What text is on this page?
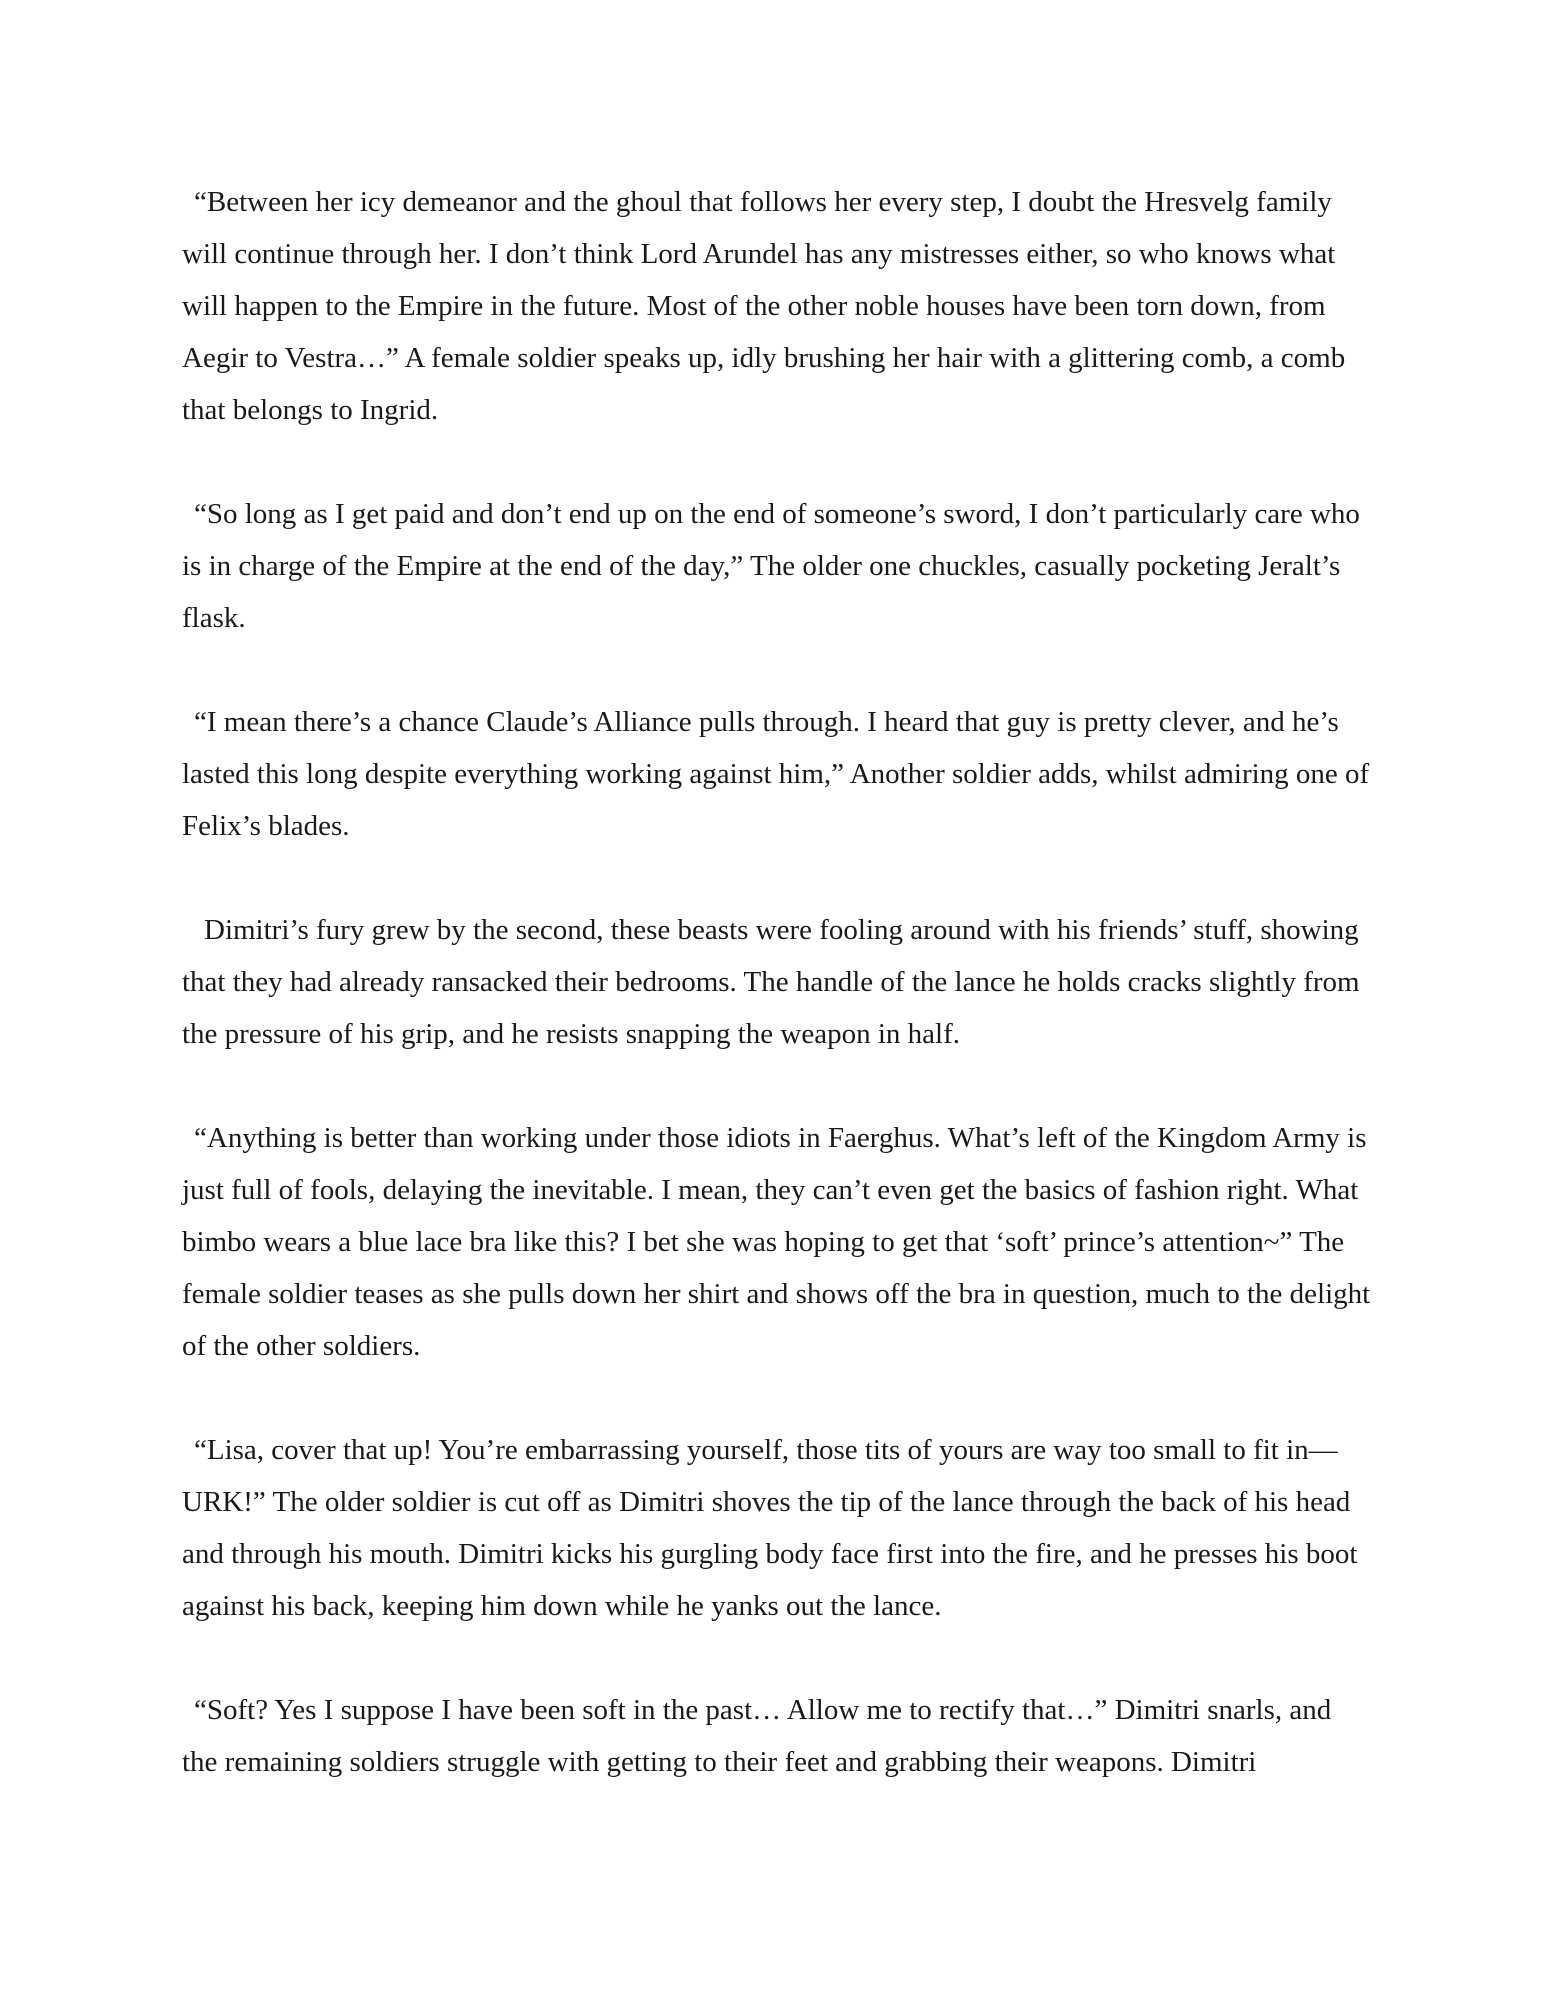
“Between her icy demeanor and the ghoul that follows her every step, I doubt the Hresvelg family will continue through her. I don’t think Lord Arundel has any mistresses either, so who knows what will happen to the Empire in the future. Most of the other noble houses have been torn down, from Aegir to Vestra…” A female soldier speaks up, idly brushing her hair with a glittering comb, a comb that belongs to Ingrid.

“So long as I get paid and don’t end up on the end of someone’s sword, I don’t particularly care who is in charge of the Empire at the end of the day,” The older one chuckles, casually pocketing Jeralt’s flask.

“I mean there’s a chance Claude’s Alliance pulls through. I heard that guy is pretty clever, and he’s lasted this long despite everything working against him,” Another soldier adds, whilst admiring one of Felix’s blades.

Dimitri’s fury grew by the second, these beasts were fooling around with his friends’ stuff, showing that they had already ransacked their bedrooms. The handle of the lance he holds cracks slightly from the pressure of his grip, and he resists snapping the weapon in half.

“Anything is better than working under those idiots in Faerghus. What’s left of the Kingdom Army is just full of fools, delaying the inevitable. I mean, they can’t even get the basics of fashion right. What bimbo wears a blue lace bra like this? I bet she was hoping to get that ‘soft’ prince’s attention~” The female soldier teases as she pulls down her shirt and shows off the bra in question, much to the delight of the other soldiers.

“Lisa, cover that up! You’re embarrassing yourself, those tits of yours are way too small to fit in—URK!” The older soldier is cut off as Dimitri shoves the tip of the lance through the back of his head and through his mouth. Dimitri kicks his gurgling body face first into the fire, and he presses his boot against his back, keeping him down while he yanks out the lance.

“Soft? Yes I suppose I have been soft in the past… Allow me to rectify that…” Dimitri snarls, and the remaining soldiers struggle with getting to their feet and grabbing their weapons. Dimitri
